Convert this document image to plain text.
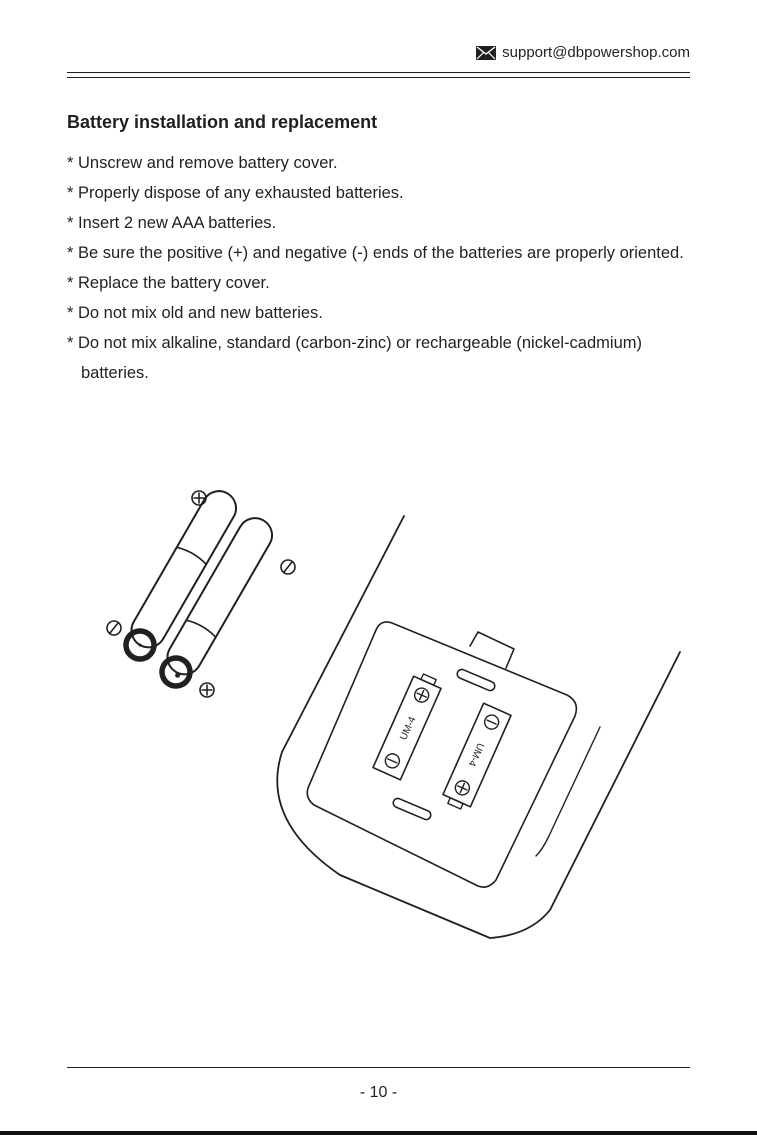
support@dbpowershop.com
Battery installation and replacement
* Unscrew and remove battery cover.
* Properly dispose of any exhausted batteries.
* Insert 2 new AAA batteries.
* Be sure the positive (+) and negative (-) ends of the batteries are properly oriented.
* Replace the battery cover.
* Do not mix old and new batteries.
* Do not mix alkaline, standard (carbon-zinc) or rechargeable (nickel-cadmium) batteries.
UM-4
UM-4
- 10 -
